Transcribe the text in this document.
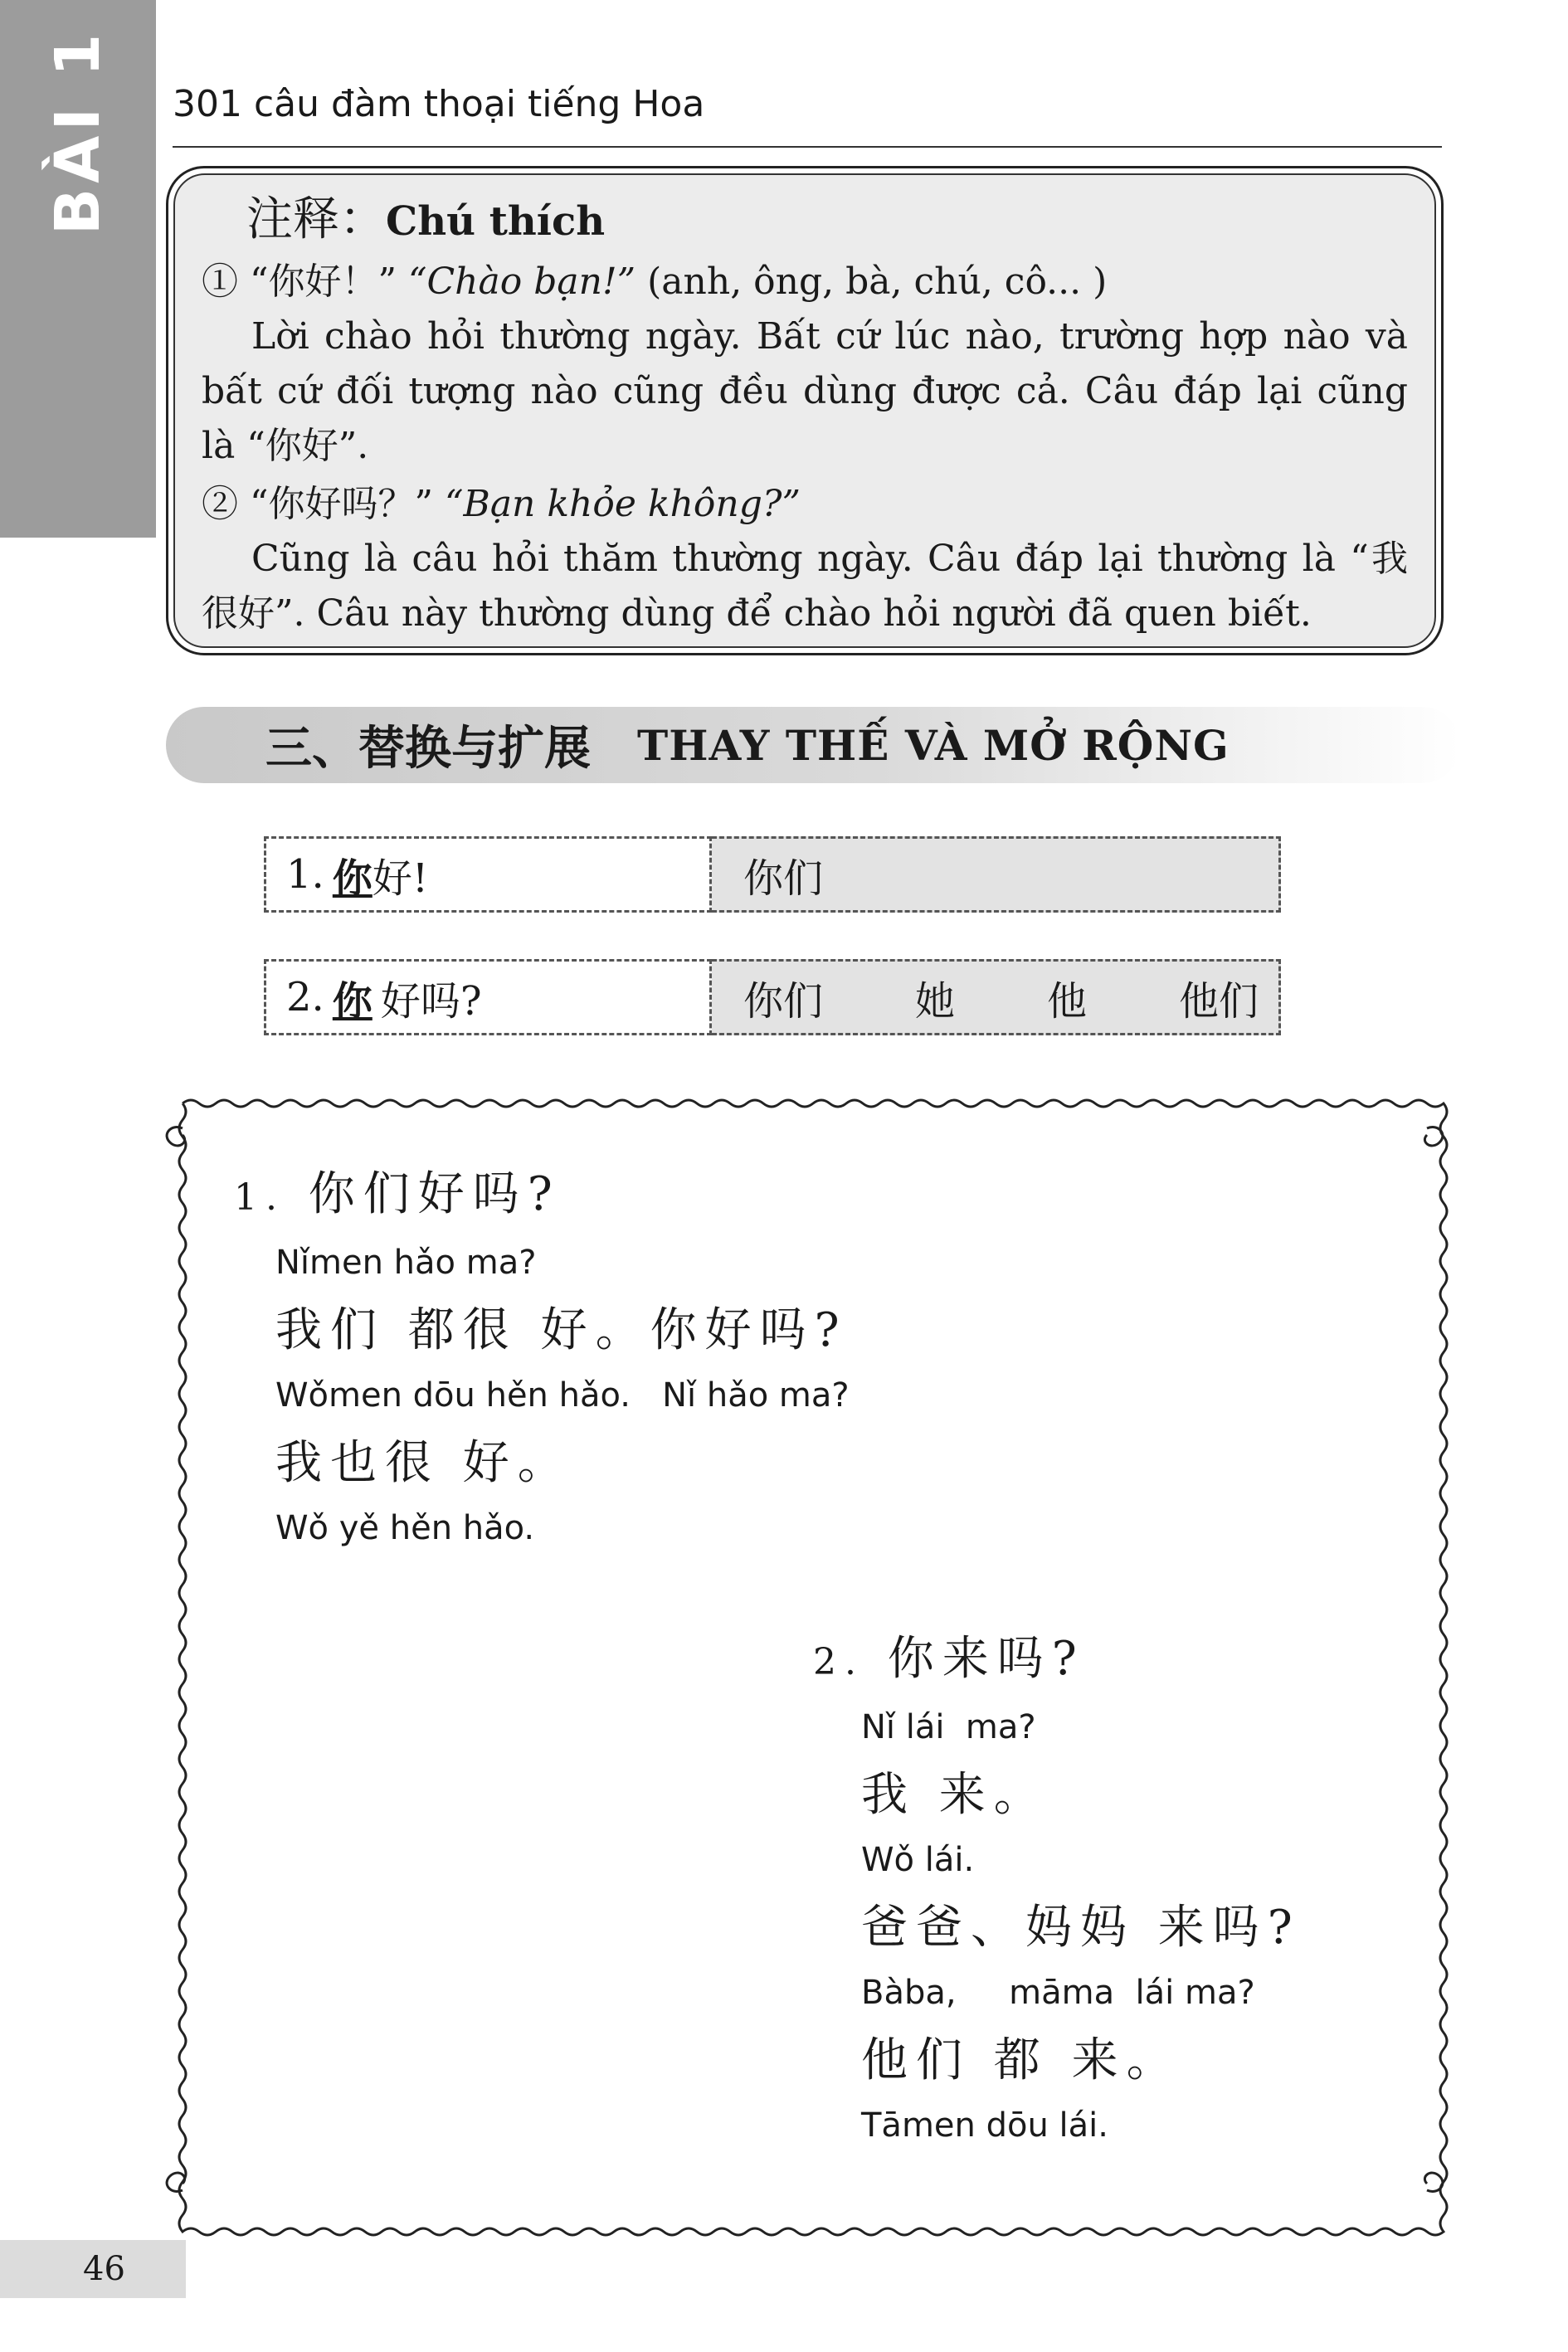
BÀI 1 301 câu đàm thoại tiếng Hoa
注释：Chú thích
① “你好！” “Chào bạn!” (anh, ông, bà, chú, cô... )
Lời chào hỏi thường ngày. Bất cứ lúc nào, trường hợp nào và bất cứ đối tượng nào cũng đều dùng được cả. Câu đáp lại cũng là “你好”.
② “你好吗？” “Bạn khỏe không?”
Cũng là câu hỏi thăm thường ngày. Câu đáp lại thường là “我很好”. Câu này thường dùng để chào hỏi người đã quen biết.
三、替换与扩展 THAY THẾ VÀ MỞ RỘNG
1. 你 好!	你们
2. 你 好吗?	你们 她 他 他们
1. 你们好吗?
Nǐmen hǎo ma?
我们 都很 好。你好吗?
Wǒmen dōu hěn hǎo.   Nǐ hǎo ma?
我也很 好。
Wǒ yě hěn hǎo.
2. 你来吗?
Nǐ lái  ma?
我 来。
Wǒ lái.
爸爸、妈妈 来吗?
Bàba,     māma  lái ma?
他们 都 来。
Tāmen dōu lái.
46
